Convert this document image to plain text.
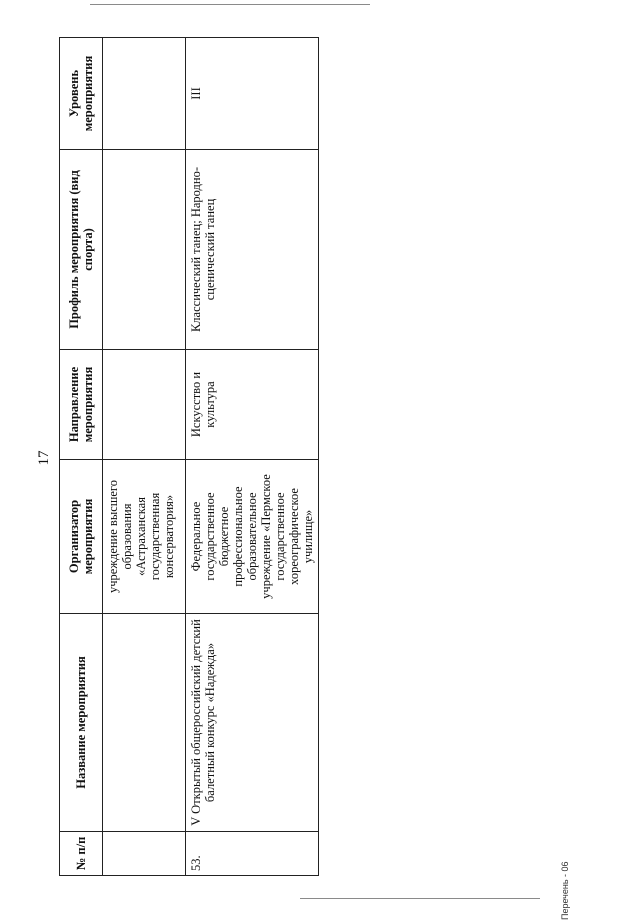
17
№ п/п	Название мероприятия	Организатор мероприятия	Направление мероприятия	Профиль мероприятия (вид спорта)	Уровень мероприятия
		учреждение высшего образования «Астраханская государственная консерватория»			
53.	V Открытый общероссийский детский балетный конкурс «Надежда»	Федеральное государственное бюджетное профессиональное образовательное учреждение «Пермское государственное хореографическое училище»	Искусство и культура	Классический танец; Народно-сценический танец	III
Перечень - 06
